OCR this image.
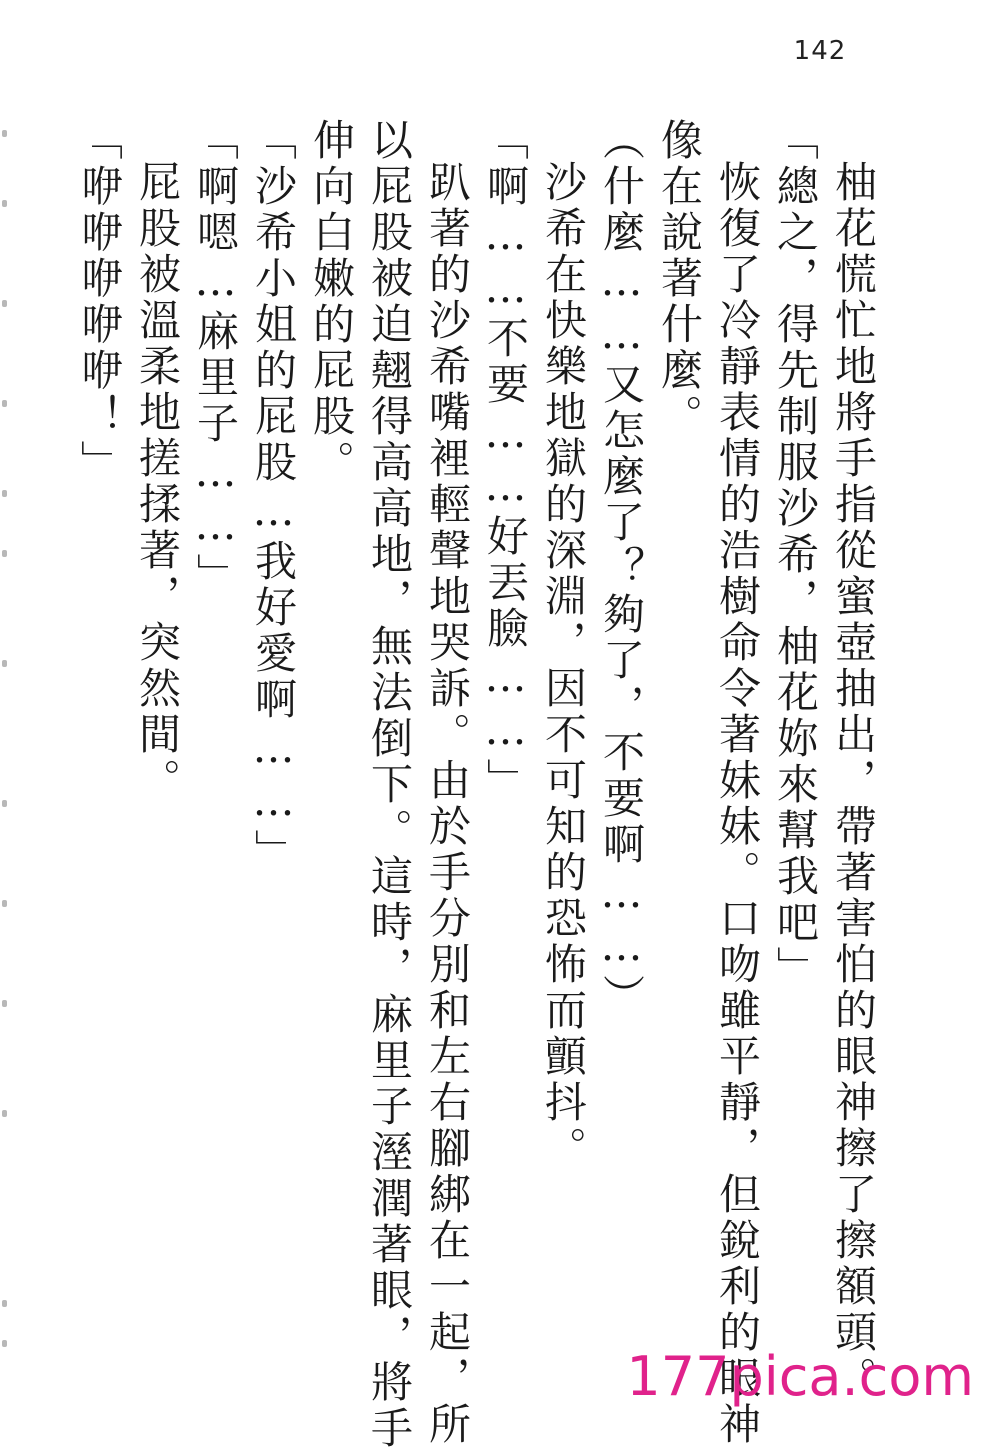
142

柚花慌忙地將手指從蜜壺抽出，帶著害怕的眼神擦了擦額頭。

「總之，得先制服沙希，柚花妳來幫我吧」

恢復了冷靜表情的浩樹命令著妹妹。口吻雖平靜，但銳利的眼神

像在說著什麼。

（什麼……又怎麼了？夠了，不要啊……）

沙希在快樂地獄的深淵，因不可知的恐怖而顫抖。

「啊……不要……好丟臉……」

趴著的沙希嘴裡輕聲地哭訴。由於手分別和左右腳綁在一起，所

以屁股被迫翹得高高地，無法倒下。這時，麻里子溼潤著眼，將手

伸向白嫩的屁股。

「沙希小姐的屁股…我好愛啊……」

「啊嗯…麻里子……」

屁股被溫柔地搓揉著，突然間。

「咿咿咿咿咿！」

177pica.com
